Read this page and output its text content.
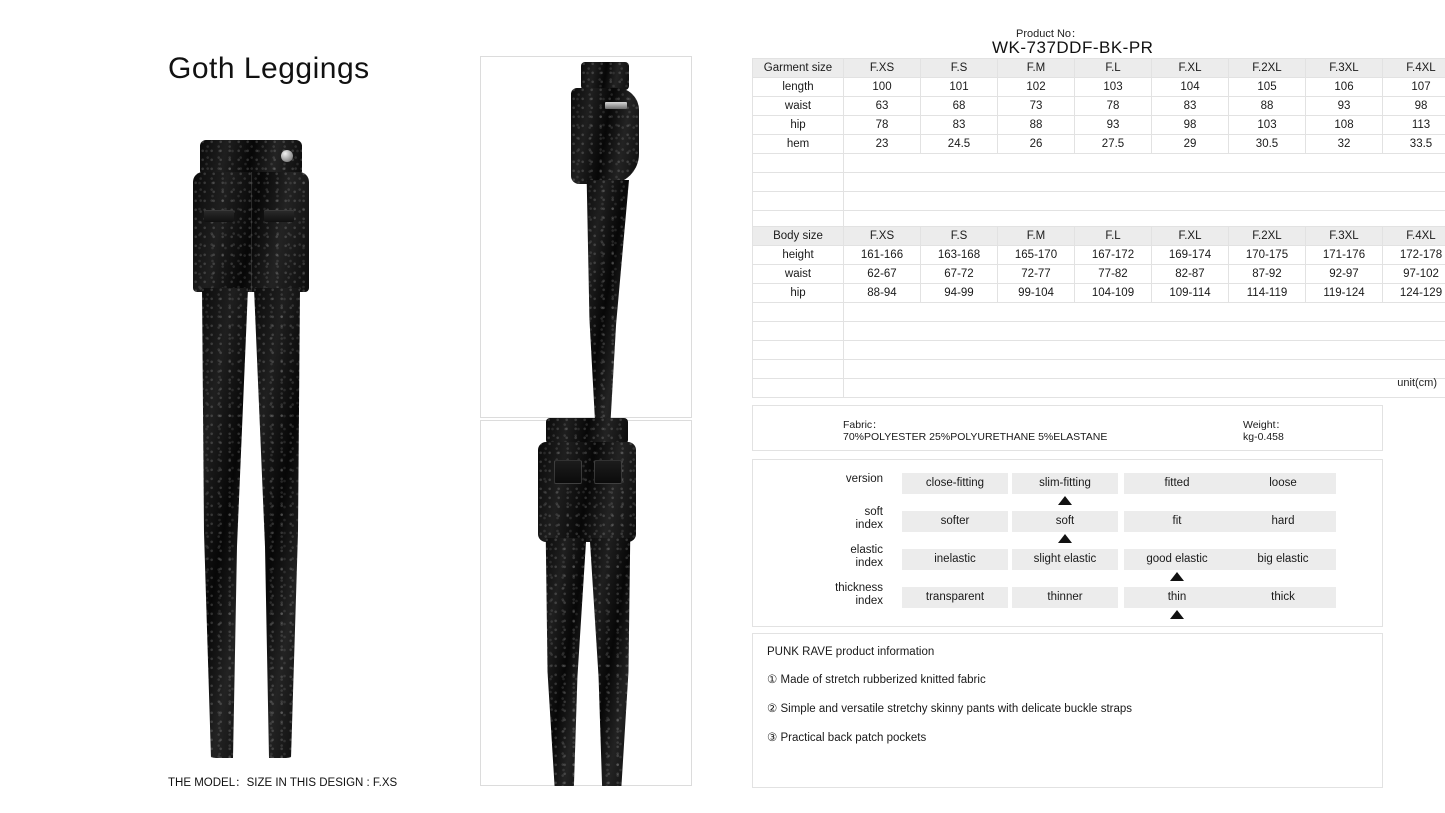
Goth Leggings
THE MODEL：SIZE IN THIS DESIGN : F.XS
Product No：
WK-737DDF-BK-PR
Garment size	F.XS	F.S	F.M	F.L	F.XL	F.2XL	F.3XL	F.4XL
length	100	101	102	103	104	105	106	107
waist	63	68	73	78	83	88	93	98
hip	78	83	88	93	98	103	108	113
hem	23	24.5	26	27.5	29	30.5	32	33.5

Body size	F.XS	F.S	F.M	F.L	F.XL	F.2XL	F.3XL	F.4XL
height	161-166	163-168	165-170	167-172	169-174	170-175	171-176	172-178
waist	62-67	67-72	72-77	77-82	82-87	87-92	92-97	97-102
hip	88-94	94-99	99-104	104-109	109-114	114-119	119-124	124-129

unit(cm)
Fabric：
70%POLYESTER 25%POLYURETHANE 5%ELASTANE
Weight：
kg-0.458
version	close-fitting	slim-fitting	fitted	loose
soft
index	softer	soft	fit	hard
elastic
index	inelastic	slight elastic	good elastic	big elastic
thickness
index	transparent	thinner	thin	thick
PUNK RAVE product information
① Made of stretch rubberized knitted fabric
② Simple and versatile stretchy skinny pants with delicate buckle straps
③ Practical back patch pockets
